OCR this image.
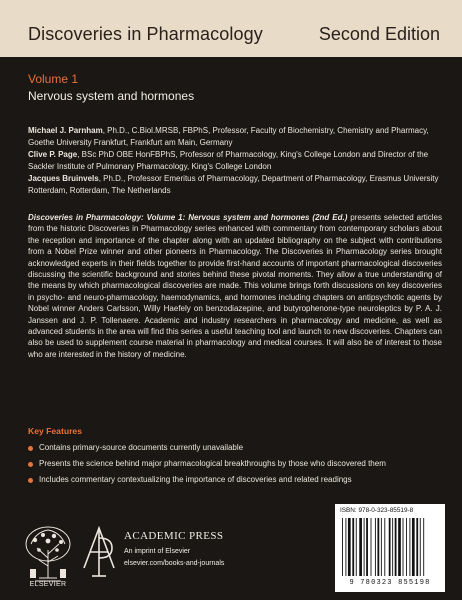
Discoveries in Pharmacology	Second Edition
Volume 1
Nervous system and hormones

Michael J. Parnham, Ph.D., C.Biol.MRSB, FBPhS, Professor, Faculty of Biochemistry, Chemistry and Pharmacy, Goethe University Frankfurt, Frankfurt am Main, Germany

Clive P. Page, BSc PhD OBE HonFBPhS, Professor of Pharmacology, King's College London and Director of the Sackler Institute of Pulmonary Pharmacology, King's College London

Jacques Bruinvels, Ph.D., Professor Emeritus of Pharmacology, Department of Pharmacology, Erasmus University Rotterdam, Rotterdam, The Netherlands

Discoveries in Pharmacology: Volume 1: Nervous system and hormones (2nd Ed.) presents selected articles from the historic Discoveries in Pharmacology series enhanced with commentary from contemporary scholars about the reception and importance of the chapter along with an updated bibliography on the subject with contributions from a Nobel Prize winner and other pioneers in Pharmacology. The Discoveries in Pharmacology series brought acknowledged experts in their fields together to provide first-hand accounts of important pharmacological discoveries discussing the scientific background and stories behind these pivotal moments. They allow a true understanding of the means by which pharmacological discoveries are made. This volume brings forth discussions on key discoveries in psycho- and neuro-pharmacology, haemodynamics, and hormones including chapters on antipsychotic agents by Nobel winner Anders Carlsson, Willy Haefely on benzodiazepine, and butyrophenone-type neuroleptics by P. A. J. Janssen and J. P. Tollenaere. Academic and industry researchers in pharmacology and medicine, as well as advanced students in the area will find this series a useful teaching tool and launch to new discoveries. Chapters can also be used to supplement course material in pharmacology and medical courses. It will also be of interest to those who are interested in the history of medicine.

Key Features
Contains primary-source documents currently unavailable
Presents the science behind major pharmacological breakthroughs by those who discovered them
Includes commentary contextualizing the importance of discoveries and related readings
ELSEVIER
ACADEMIC PRESS
An imprint of Elsevier
elsevier.com/books-and-journals
ISBN: 978-0-323-85519-8
9 780323 855198
